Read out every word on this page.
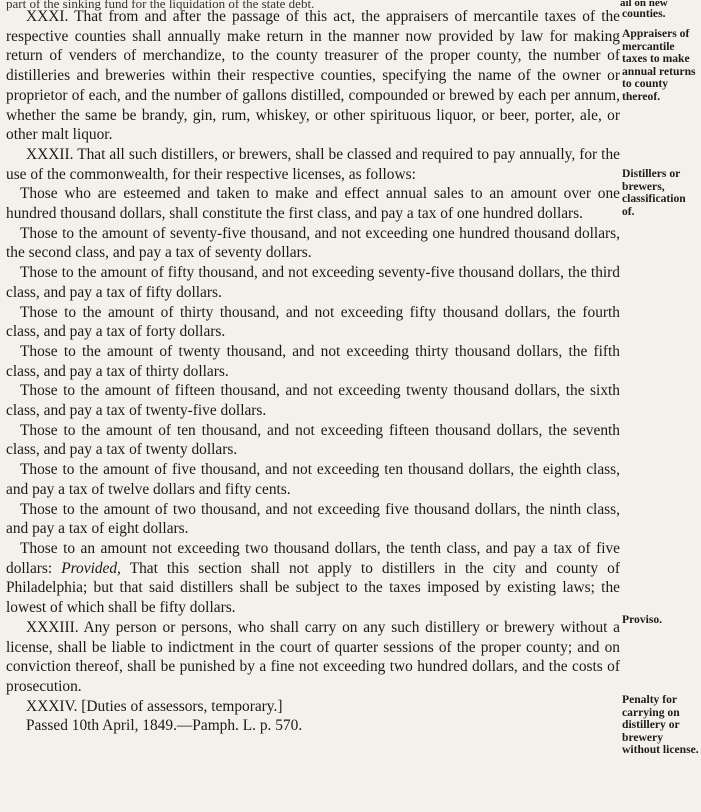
ail on new
part of the sinking fund for the liquidation of the state debt.

XXXI. That from and after the passage of this act, the appraisers of mercantile taxes of the respective counties shall annually make return in the manner now provided by law for making return of venders of merchandize, to the county treasurer of the proper county, the number of distilleries and breweries within their respective counties, specifying the name of the owner or proprietor of each, and the number of gallons distilled, compounded or brewed by each per annum, whether the same be brandy, gin, rum, whiskey, or other spirituous liquor, or beer, porter, ale, or other malt liquor.

XXXII. That all such distillers, or brewers, shall be classed and required to pay annually, for the use of the commonwealth, for their respective licenses, as follows:

Those who are esteemed and taken to make and effect annual sales to an amount over one hundred thousand dollars, shall constitute the first class, and pay a tax of one hundred dollars.

Those to the amount of seventy-five thousand, and not exceeding one hundred thousand dollars, the second class, and pay a tax of seventy dollars.

Those to the amount of fifty thousand, and not exceeding seventy-five thousand dollars, the third class, and pay a tax of fifty dollars.

Those to the amount of thirty thousand, and not exceeding fifty thousand dollars, the fourth class, and pay a tax of forty dollars.

Those to the amount of twenty thousand, and not exceeding thirty thousand dollars, the fifth class, and pay a tax of thirty dollars.

Those to the amount of fifteen thousand, and not exceeding twenty thousand dollars, the sixth class, and pay a tax of twenty-five dollars.

Those to the amount of ten thousand, and not exceeding fifteen thousand dollars, the seventh class, and pay a tax of twenty dollars.

Those to the amount of five thousand, and not exceeding ten thousand dollars, the eighth class, and pay a tax of twelve dollars and fifty cents.

Those to the amount of two thousand, and not exceeding five thousand dollars, the ninth class, and pay a tax of eight dollars.

Those to an amount not exceeding two thousand dollars, the tenth class, and pay a tax of five dollars: Provided, That this section shall not apply to distillers in the city and county of Philadelphia; but that said distillers shall be subject to the taxes imposed by existing laws; the lowest of which shall be fifty dollars.

XXXIII. Any person or persons, who shall carry on any such distillery or brewery without a license, shall be liable to indictment in the court of quarter sessions of the proper county; and on conviction thereof, shall be punished by a fine not exceeding two hundred dollars, and the costs of prosecution.

XXXIV. [Duties of assessors, temporary.]

Passed 10th April, 1849.—Pamph. L. p. 570.

counties.
Appraisers of mercantile taxes to make annual returns to county thereof.
Distillers or brewers, classification of.
Proviso.
Penalty for carrying on distillery or brewery without license.
